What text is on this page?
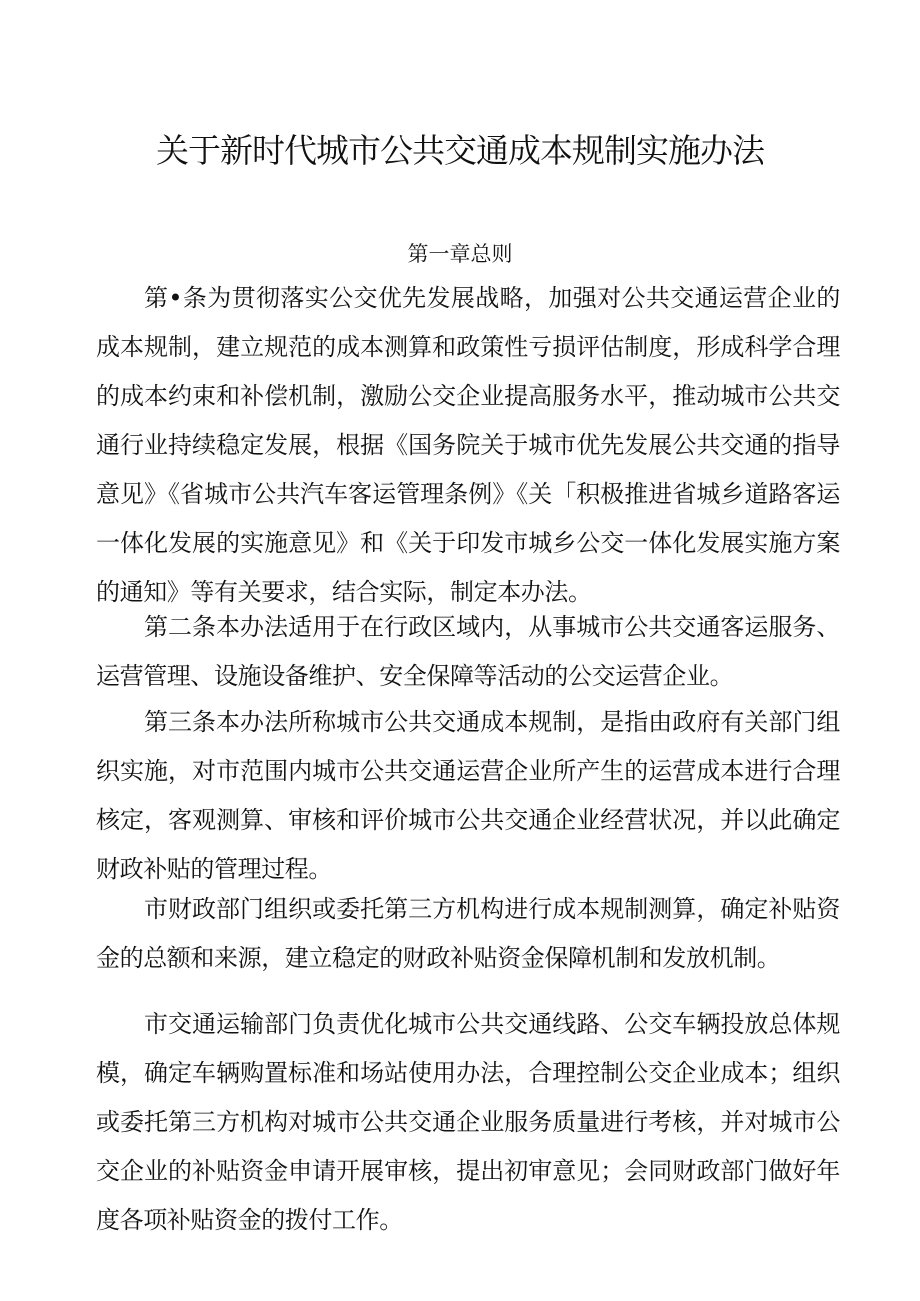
关于新时代城市公共交通成本规制实施办法
第一章总则

第•条为贯彻落实公交优先发展战略，加强对公共交通运营企业的成本规制，建立规范的成本测算和政策性亏损评估制度，形成科学合理的成本约束和补偿机制，激励公交企业提高服务水平，推动城市公共交通行业持续稳定发展，根据《国务院关于城市优先发展公共交通的指导意见》《省城市公共汽车客运管理条例》《关「积极推进省城乡道路客运一体化发展的实施意见》和《关于印发市城乡公交一体化发展实施方案的通知》等有关要求，结合实际，制定本办法。

第二条本办法适用于在行政区域内，从事城市公共交通客运服务、运营管理、设施设备维护、安全保障等活动的公交运营企业。

第三条本办法所称城市公共交通成本规制，是指由政府有关部门组织实施，对市范围内城市公共交通运营企业所产生的运营成本进行合理核定，客观测算、审核和评价城市公共交通企业经营状况，并以此确定财政补贴的管理过程。

市财政部门组织或委托第三方机构进行成本规制测算，确定补贴资金的总额和来源，建立稳定的财政补贴资金保障机制和发放机制。

市交通运输部门负责优化城市公共交通线路、公交车辆投放总体规模，确定车辆购置标准和场站使用办法，合理控制公交企业成本；组织或委托第三方机构对城市公共交通企业服务质量进行考核，并对城市公交企业的补贴资金申请开展审核，提出初审意见；会同财政部门做好年度各项补贴资金的拨付工作。
